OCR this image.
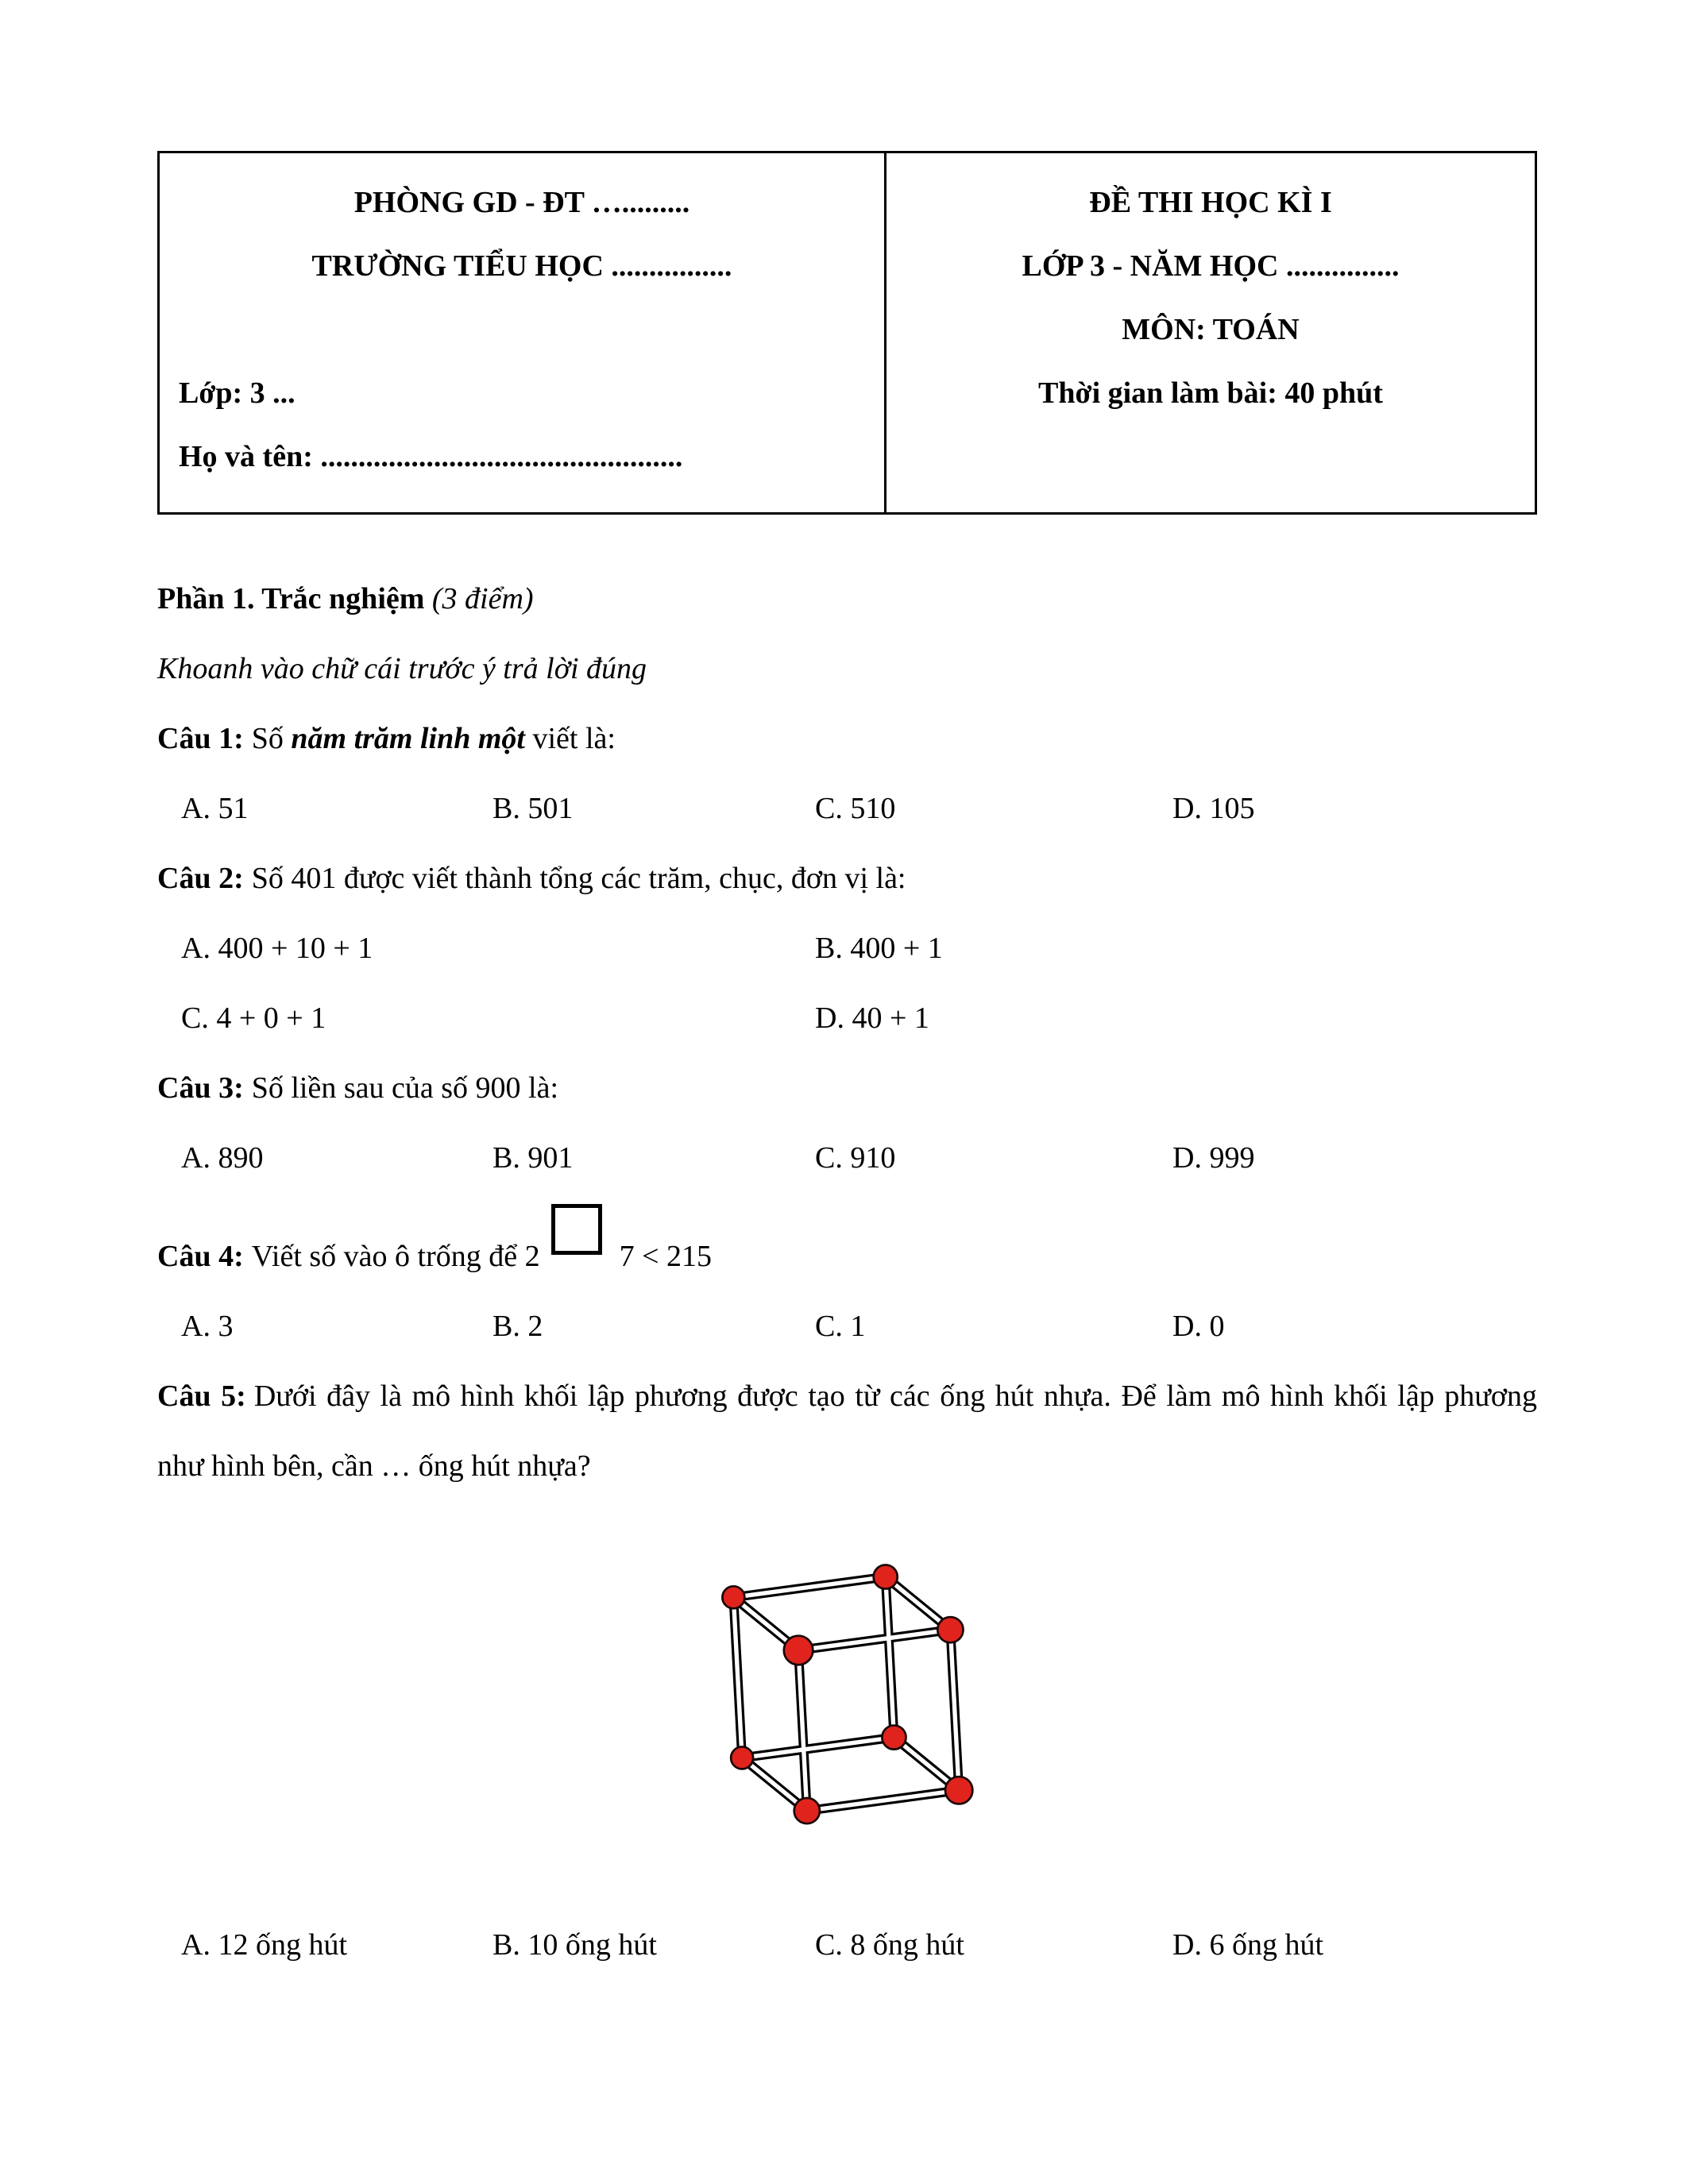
PHÒNG GD - ĐT ….........
TRƯỜNG TIỂU HỌC ................
Lớp: 3 ...
Họ và tên: ................................................
ĐỀ THI HỌC KÌ I
LỚP 3 - NĂM HỌC ...............
MÔN: TOÁN
Thời gian làm bài: 40 phút

Phần 1. Trắc nghiệm (3 điểm)

Khoanh vào chữ cái trước ý trả lời đúng

Câu 1: Số năm trăm linh một viết là:

A. 51	B. 501	C. 510	D. 105

Câu 2: Số 401 được viết thành tổng các trăm, chục, đơn vị là:

A. 400 + 10 + 1	B. 400 + 1
C. 4 + 0 + 1	D. 40 + 1

Câu 3: Số liền sau của số 900 là:

A. 890	B. 901	C. 910	D. 999

Câu 4: Viết số vào ô trống để 2	7 < 215

A. 3	B. 2	C. 1	D. 0

Câu 5: Dưới đây là mô hình khối lập phương được tạo từ các ống hút nhựa. Để làm mô hình khối lập phương như hình bên, cần … ống hút nhựa?

A. 12 ống hút	B. 10 ống hút	C. 8 ống hút	D. 6 ống hút
